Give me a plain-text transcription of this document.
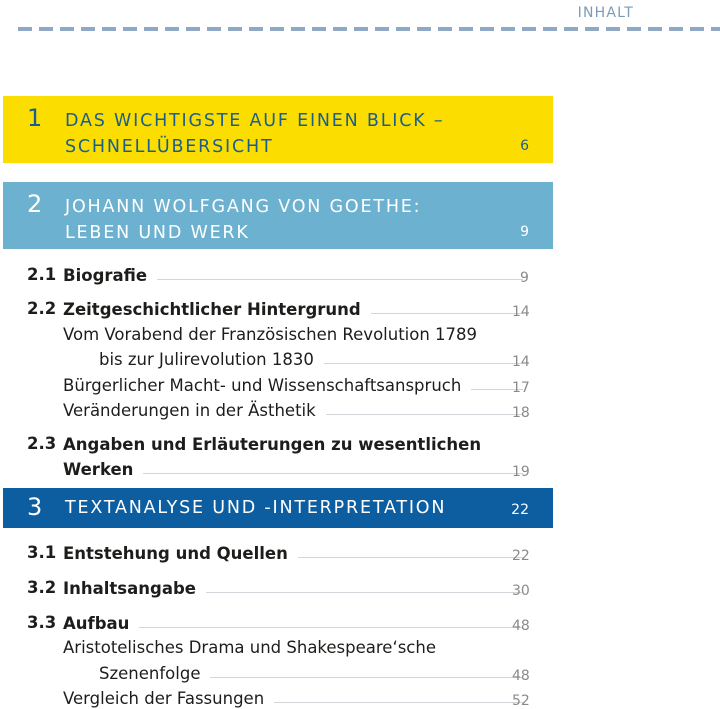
INHALT
1 DAS WICHTIGSTE AUF EINEN BLICK –
SCHNELLÜBERSICHT	6
2 JOHANN WOLFGANG VON GOETHE:
LEBEN UND WERK	9
2.1 Biografie	9
2.2 Zeitgeschichtlicher Hintergrund	14
Vom Vorabend der Französischen Revolution 1789
bis zur Julirevolution 1830	14
Bürgerlicher Macht- und Wissenschaftsanspruch	17
Veränderungen in der Ästhetik	18
2.3 Angaben und Erläuterungen zu wesentlichen
Werken	19
3 TEXTANALYSE UND -INTERPRETATION	22
3.1 Entstehung und Quellen	22
3.2 Inhaltsangabe	30
3.3 Aufbau	48
Aristotelisches Drama und Shakespeare‘sche
Szenenfolge	48
Vergleich der Fassungen	52
